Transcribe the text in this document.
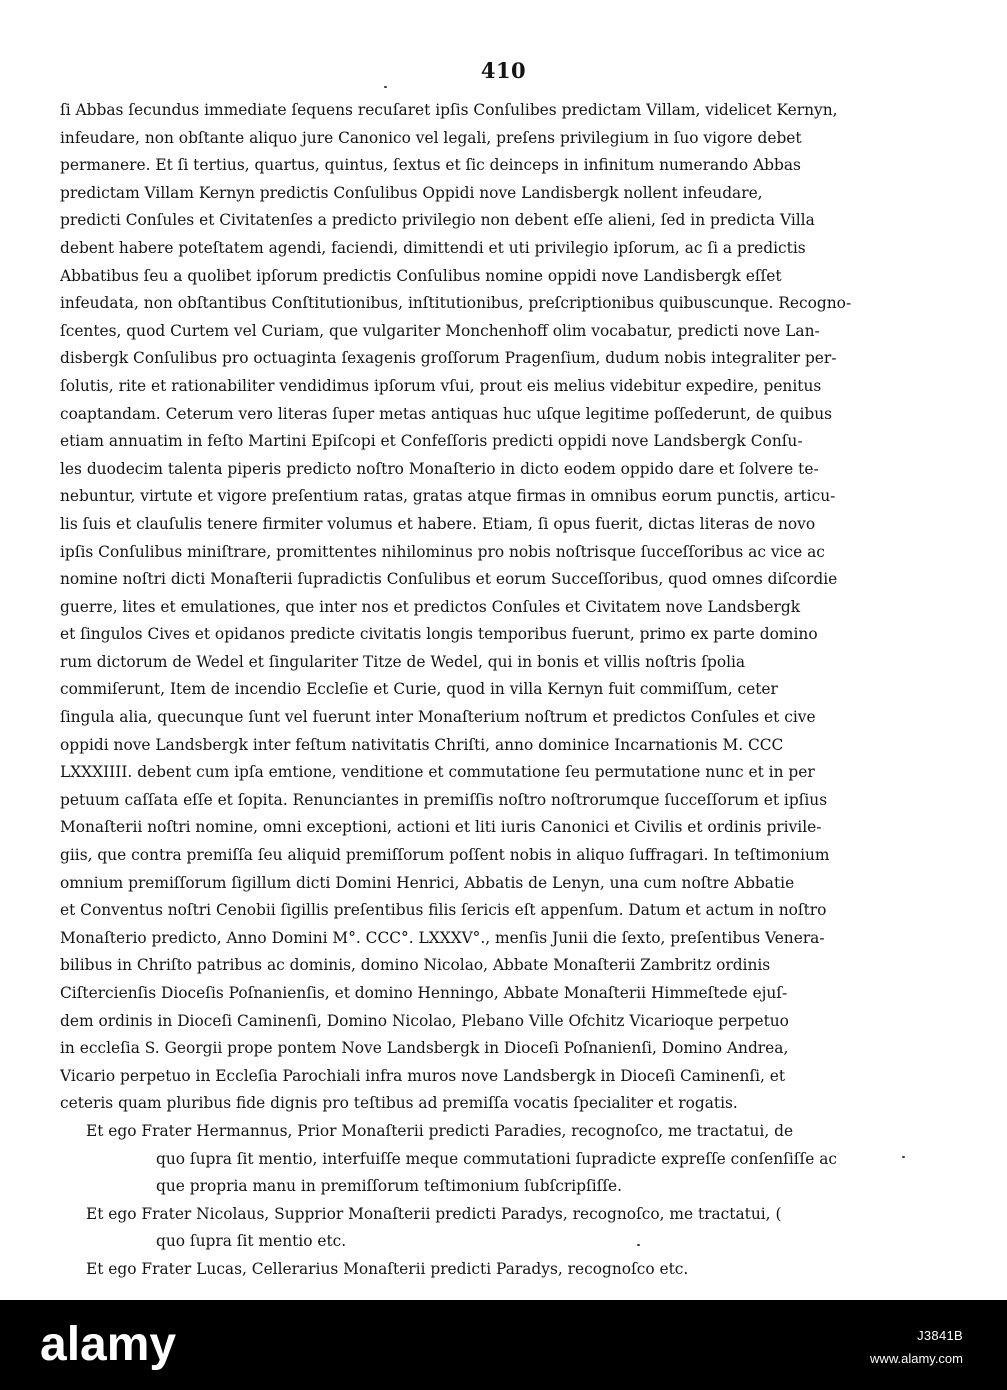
410
ſi Abbas ſecundus immediate ſequens recuſaret ipſis Conſulibes predictam Villam, videlicet Kernyn,
infeudare, non obſtante aliquo jure Canonico vel legali, preſens privilegium in ſuo vigore debet
permanere. Et ſi tertius, quartus, quintus, ſextus et ſic deinceps in infinitum numerando Abbas
predictam Villam Kernyn predictis Conſulibus Oppidi nove Landisbergk nollent infeudare,
predicti Conſules et Civitatenſes a predicto privilegio non debent eſſe alieni, ſed in predicta Villa
debent habere poteſtatem agendi, faciendi, dimittendi et uti privilegio ipſorum, ac ſi a predictis
Abbatibus ſeu a quolibet ipſorum predictis Conſulibus nomine oppidi nove Landisbergk eſſet
infeudata, non obſtantibus Conſtitutionibus, inſtitutionibus, preſcriptionibus quibuscunque. Recogno-
ſcentes, quod Curtem vel Curiam, que vulgariter Monchenhoff olim vocabatur, predicti nove Lan-
disbergk Conſulibus pro octuaginta ſexagenis groſſorum Pragenſium, dudum nobis integraliter per-
ſolutis, rite et rationabiliter vendidimus ipſorum vſui, prout eis melius videbitur expedire, penitus
coaptandam. Ceterum vero literas ſuper metas antiquas huc uſque legitime poſſederunt, de quibus
etiam annuatim in feſto Martini Epiſcopi et Confeſſoris predicti oppidi nove Landsbergk Conſu-
les duodecim talenta piperis predicto noſtro Monaſterio in dicto eodem oppido dare et ſolvere te-
nebuntur, virtute et vigore preſentium ratas, gratas atque firmas in omnibus eorum punctis, articu-
lis ſuis et clauſulis tenere firmiter volumus et habere. Etiam, ſi opus fuerit, dictas literas de novo
ipſis Conſulibus miniſtrare, promittentes nihilominus pro nobis noſtrisque ſucceſſoribus ac vice ac
nomine noſtri dicti Monaſterii ſupradictis Conſulibus et eorum Succeſſoribus, quod omnes diſcordie
guerre, lites et emulationes, que inter nos et predictos Conſules et Civitatem nove Landsbergk
et ſingulos Cives et opidanos predicte civitatis longis temporibus fuerunt, primo ex parte domino
rum dictorum de Wedel et ſingulariter Titze de Wedel, qui in bonis et villis noſtris ſpolia
commiſerunt, Item de incendio Eccleſie et Curie, quod in villa Kernyn fuit commiſſum, ceter
ſingula alia, quecunque ſunt vel fuerunt inter Monaſterium noſtrum et predictos Conſules et cive
oppidi nove Landsbergk inter feſtum nativitatis Chriſti, anno dominice Incarnationis M. CCC
LXXXIIII. debent cum ipſa emtione, venditione et commutatione ſeu permutatione nunc et in per
petuum caſſata eſſe et ſopita. Renunciantes in premiſſis noſtro noſtrorumque ſucceſſorum et ipſius
Monaſterii noſtri nomine, omni exceptioni, actioni et liti iuris Canonici et Civilis et ordinis privile-
giis, que contra premiſſa ſeu aliquid premiſſorum poſſent nobis in aliquo ſuffragari. In teſtimonium
omnium premiſſorum ſigillum dicti Domini Henrici, Abbatis de Lenyn, una cum noſtre Abbatie
et Conventus noſtri Cenobii ſigillis preſentibus filis ſericis eſt appenſum. Datum et actum in noſtro
Monaſterio predicto, Anno Domini M°. CCC°. LXXXV°., menſis Junii die ſexto, preſentibus Venera-
bilibus in Chriſto patribus ac dominis, domino Nicolao, Abbate Monaſterii Zambritz ordinis
Ciſtercienſis Dioceſis Poſnanienſis, et domino Henningo, Abbate Monaſterii Himmeſtede ejuſ-
dem ordinis in Dioceſi Caminenſi, Domino Nicolao, Plebano Ville Ofchitz Vicarioque perpetuo
in eccleſia S. Georgii prope pontem Nove Landsbergk in Dioceſi Poſnanienſi, Domino Andrea,
Vicario perpetuo in Eccleſia Parochiali infra muros nove Landsbergk in Dioceſi Caminenſi, et
ceteris quam pluribus fide dignis pro teſtibus ad premiſſa vocatis ſpecialiter et rogatis.
Et ego Frater Hermannus, Prior Monaſterii predicti Paradies, recognoſco, me tractatui, de
quo ſupra ſit mentio, interfuiſſe meque commutationi ſupradicte expreſſe conſenſiſſe ac
que propria manu in premiſſorum teſtimonium ſubſcripſiſſe.
Et ego Frater Nicolaus, Supprior Monaſterii predicti Paradys, recognoſco, me tractatui, (
quo ſupra ſit mentio etc.
Et ego Frater Lucas, Cellerarius Monaſterii predicti Paradys, recognoſco etc.
alamy	J3841B
www.alamy.com
